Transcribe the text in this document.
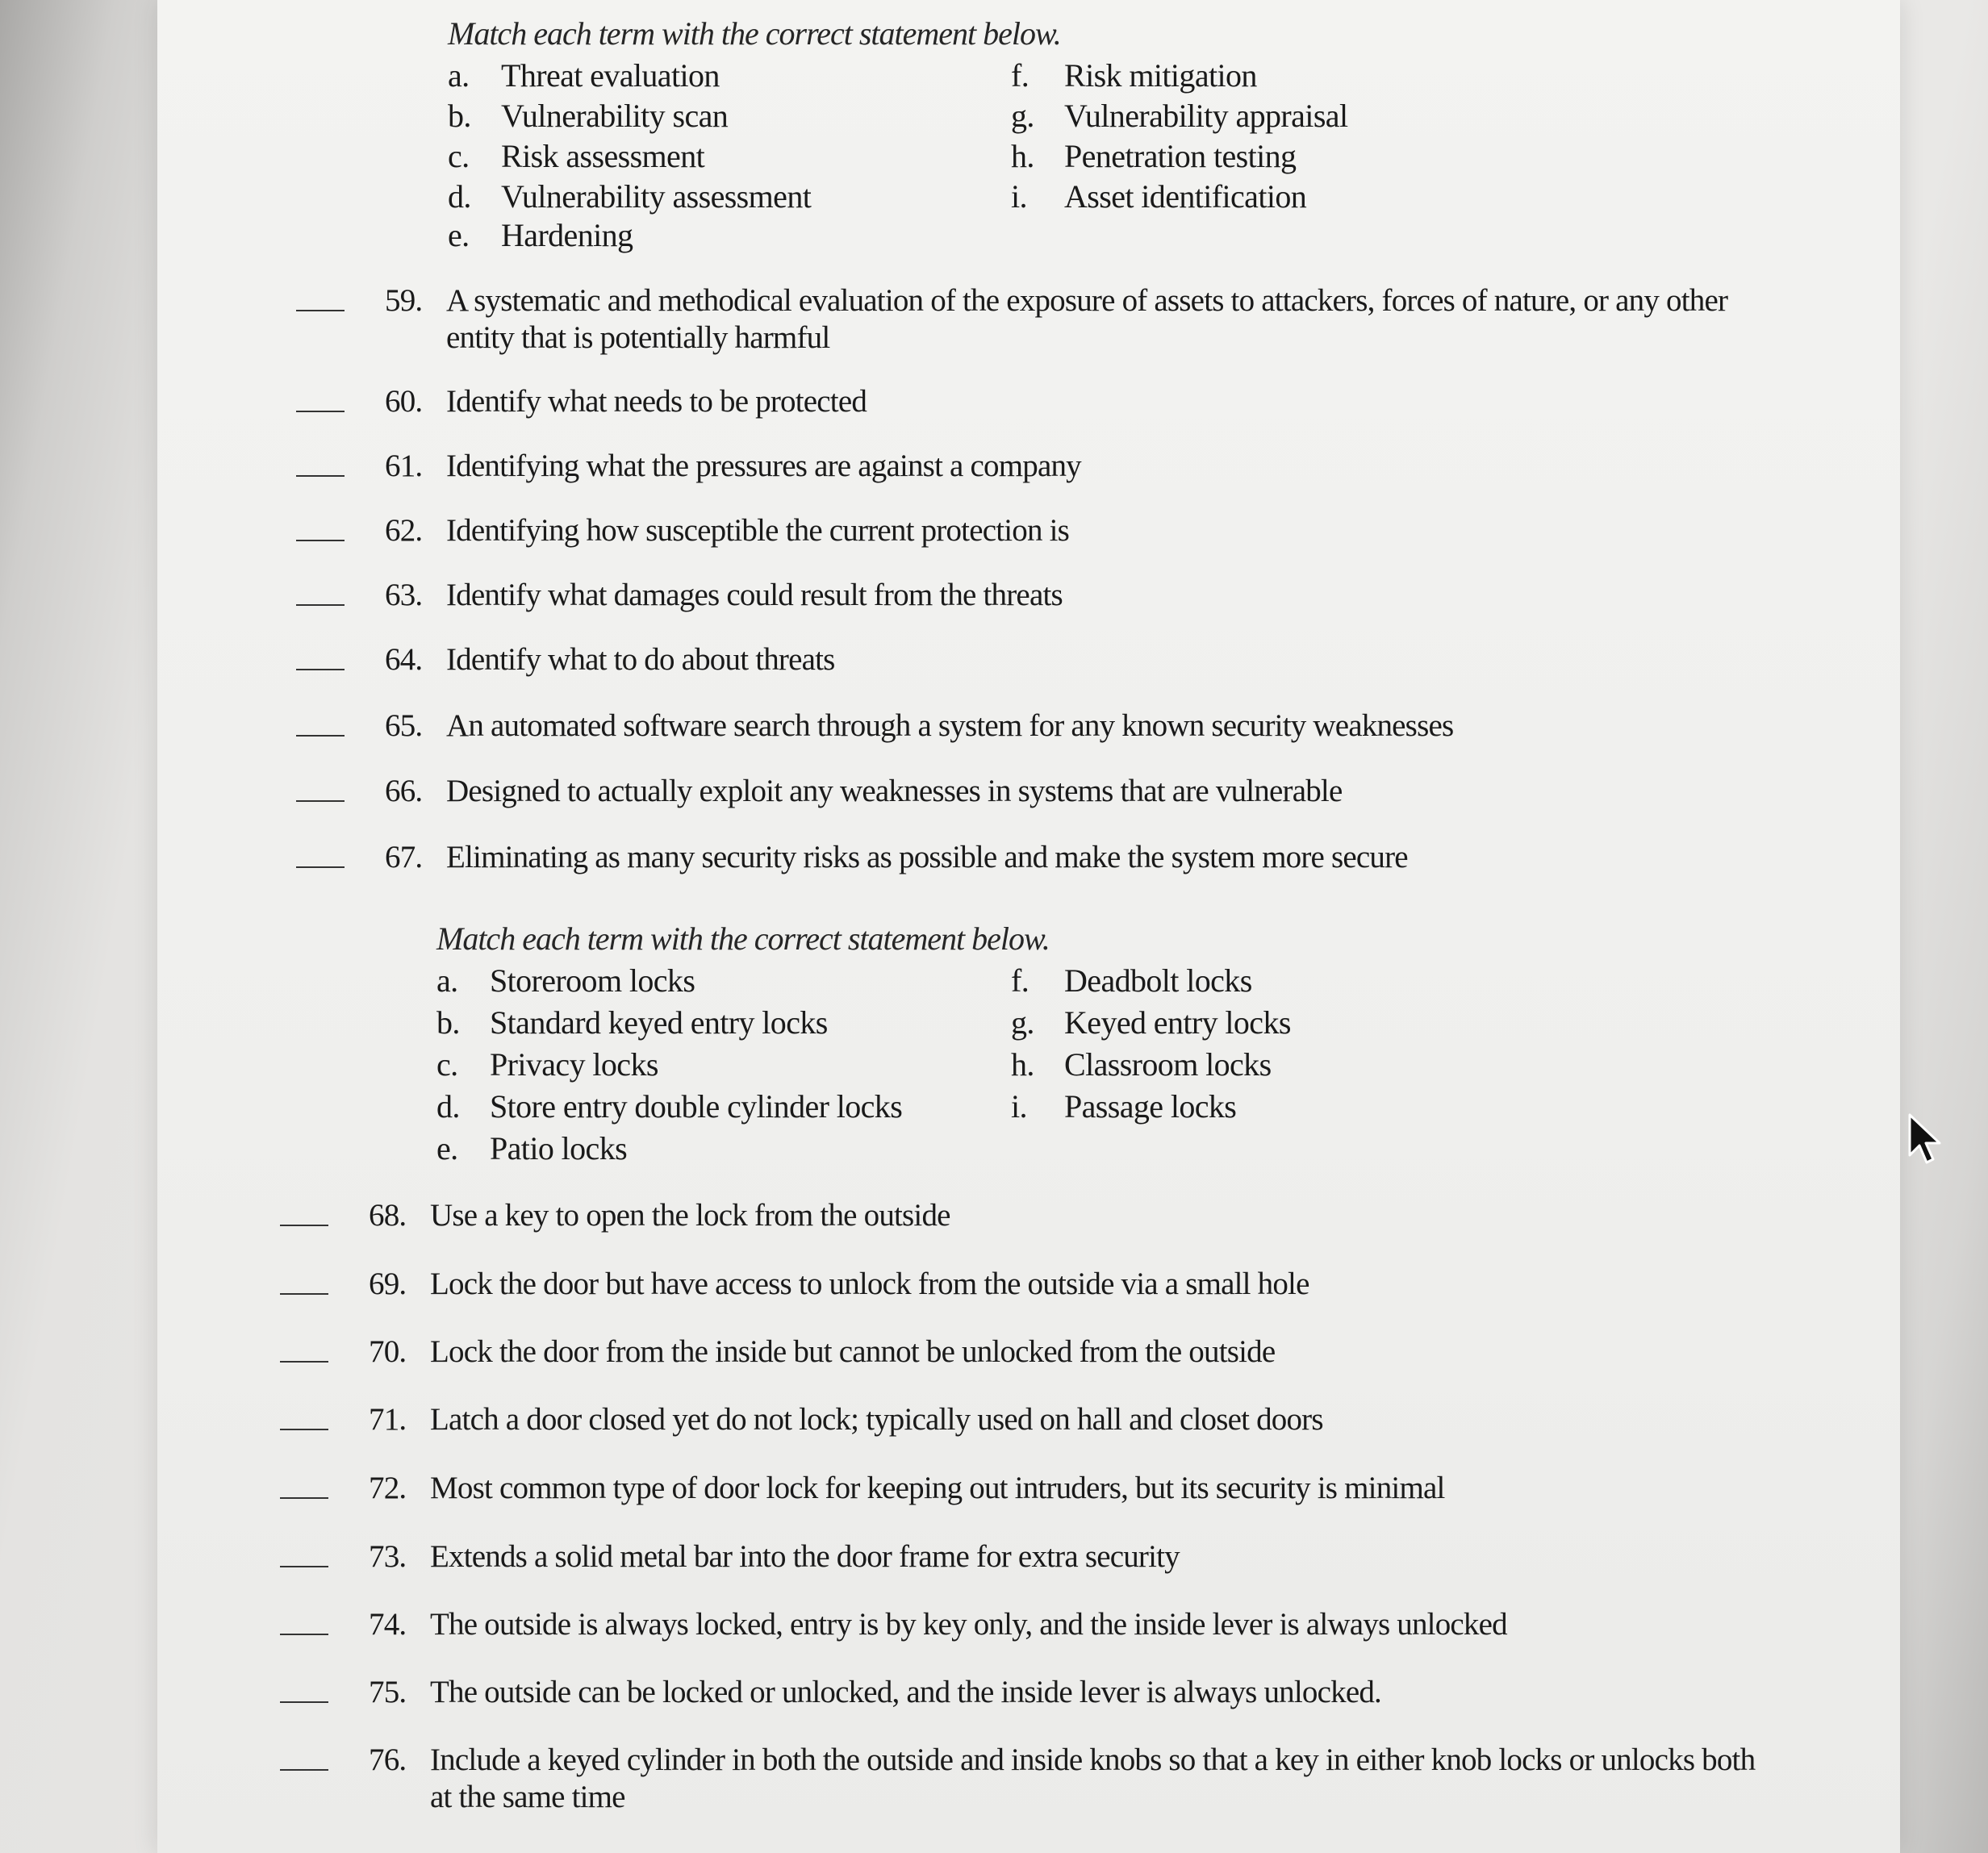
Match each term with the correct statement below.
a. Threat evaluation
b. Vulnerability scan
c. Risk assessment
d. Vulnerability assessment
e. Hardening
f. Risk mitigation
g. Vulnerability appraisal
h. Penetration testing
i. Asset identification
59. A systematic and methodical evaluation of the exposure of assets to attackers, forces of nature, or any other
entity that is potentially harmful
60. Identify what needs to be protected
61. Identifying what the pressures are against a company
62. Identifying how susceptible the current protection is
63. Identify what damages could result from the threats
64. Identify what to do about threats
65. An automated software search through a system for any known security weaknesses
66. Designed to actually exploit any weaknesses in systems that are vulnerable
67. Eliminating as many security risks as possible and make the system more secure
Match each term with the correct statement below.
a. Storeroom locks
b. Standard keyed entry locks
c. Privacy locks
d. Store entry double cylinder locks
e. Patio locks
f. Deadbolt locks
g. Keyed entry locks
h. Classroom locks
i. Passage locks
68. Use a key to open the lock from the outside
69. Lock the door but have access to unlock from the outside via a small hole
70. Lock the door from the inside but cannot be unlocked from the outside
71. Latch a door closed yet do not lock; typically used on hall and closet doors
72. Most common type of door lock for keeping out intruders, but its security is minimal
73. Extends a solid metal bar into the door frame for extra security
74. The outside is always locked, entry is by key only, and the inside lever is always unlocked
75. The outside can be locked or unlocked, and the inside lever is always unlocked.
76. Include a keyed cylinder in both the outside and inside knobs so that a key in either knob locks or unlocks both
at the same time
